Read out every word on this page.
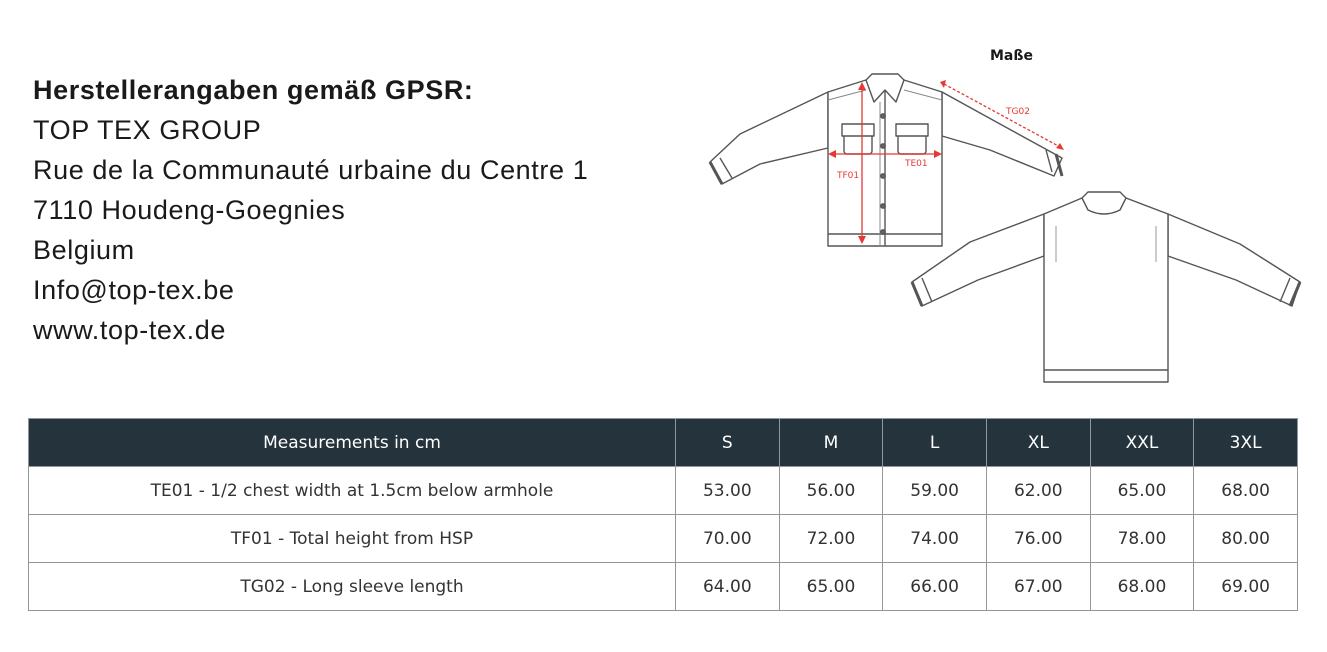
Herstellerangaben gemäß GPSR:
TOP TEX GROUP
Rue de la Communauté urbaine du Centre 1
7110 Houdeng-Goegnies
Belgium
Info@top-tex.be
www.top-tex.de
Maße
TG02
TE01
TF01
Measurements in cm	S	M	L	XL	XXL	3XL
TE01 - 1/2 chest width at 1.5cm below armhole	53.00	56.00	59.00	62.00	65.00	68.00
TF01 - Total height from HSP	70.00	72.00	74.00	76.00	78.00	80.00
TG02 - Long sleeve length	64.00	65.00	66.00	67.00	68.00	69.00
